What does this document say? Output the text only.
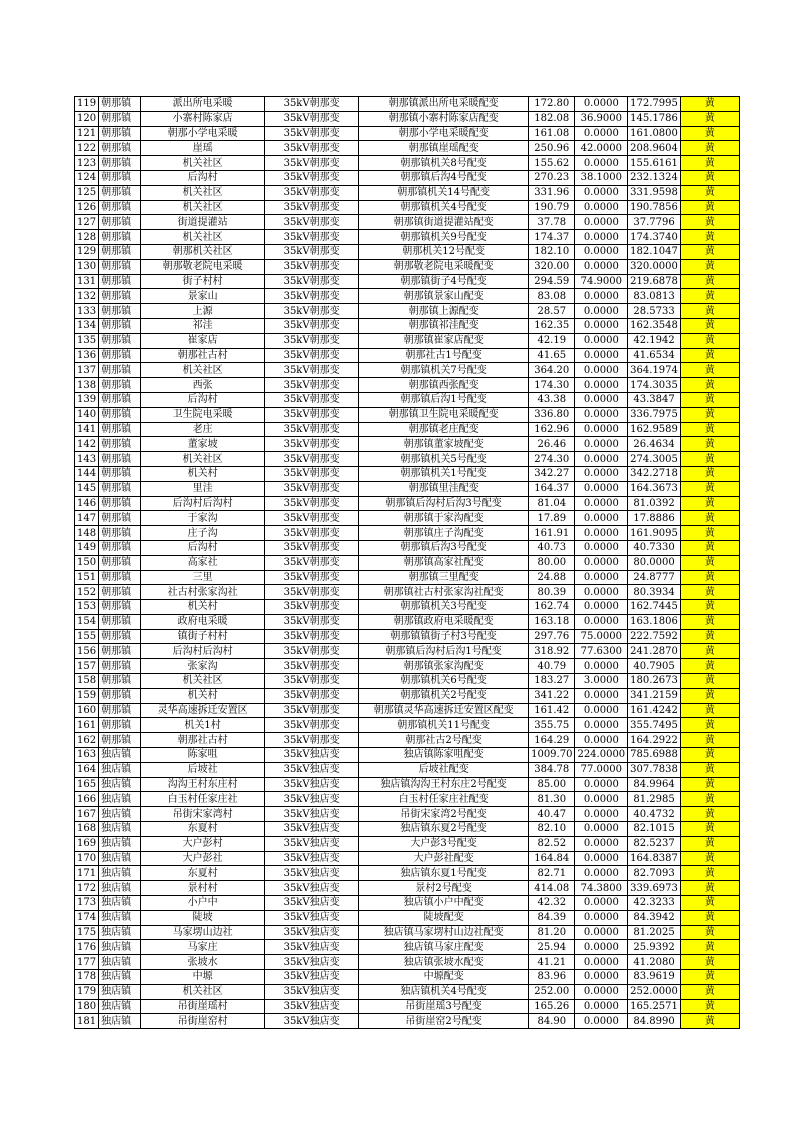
119	朝那镇	派出所电采暖	35kV朝那变	朝那镇派出所电采暖配变	172.80	0.0000	172.7995	黄
120	朝那镇	小寨村陈家店	35kV朝那变	朝那镇小寨村陈家店配变	182.08	36.9000	145.1786	黄
121	朝那镇	朝那小学电采暖	35kV朝那变	朝那小学电采暖配变	161.08	0.0000	161.0800	黄
122	朝那镇	崖瑶	35kV朝那变	朝那镇崖瑶配变	250.96	42.0000	208.9604	黄
123	朝那镇	机关社区	35kV朝那变	朝那镇机关8号配变	155.62	0.0000	155.6161	黄
124	朝那镇	后沟村	35kV朝那变	朝那镇后沟4号配变	270.23	38.1000	232.1324	黄
125	朝那镇	机关社区	35kV朝那变	朝那镇机关14号配变	331.96	0.0000	331.9598	黄
126	朝那镇	机关社区	35kV朝那变	朝那镇机关4号配变	190.79	0.0000	190.7856	黄
127	朝那镇	街道提灌站	35kV朝那变	朝那镇街道提灌站配变	37.78	0.0000	37.7796	黄
128	朝那镇	机关社区	35kV朝那变	朝那镇机关9号配变	174.37	0.0000	174.3740	黄
129	朝那镇	朝那机关社区	35kV朝那变	朝那机关12号配变	182.10	0.0000	182.1047	黄
130	朝那镇	朝那敬老院电采暖	35kV朝那变	朝那敬老院电采暖配变	320.00	0.0000	320.0000	黄
131	朝那镇	街子村村	35kV朝那变	朝那镇街子4号配变	294.59	74.9000	219.6878	黄
132	朝那镇	景家山	35kV朝那变	朝那镇景家山配变	83.08	0.0000	83.0813	黄
133	朝那镇	上源	35kV朝那变	朝那镇上源配变	28.57	0.0000	28.5733	黄
134	朝那镇	祁洼	35kV朝那变	朝那镇祁洼配变	162.35	0.0000	162.3548	黄
135	朝那镇	崔家店	35kV朝那变	朝那镇崔家店配变	42.19	0.0000	42.1942	黄
136	朝那镇	朝那社古村	35kV朝那变	朝那社古1号配变	41.65	0.0000	41.6534	黄
137	朝那镇	机关社区	35kV朝那变	朝那镇机关7号配变	364.20	0.0000	364.1974	黄
138	朝那镇	西张	35kV朝那变	朝那镇西张配变	174.30	0.0000	174.3035	黄
139	朝那镇	后沟村	35kV朝那变	朝那镇后沟1号配变	43.38	0.0000	43.3847	黄
140	朝那镇	卫生院电采暖	35kV朝那变	朝那镇卫生院电采暖配变	336.80	0.0000	336.7975	黄
141	朝那镇	老庄	35kV朝那变	朝那镇老庄配变	162.96	0.0000	162.9589	黄
142	朝那镇	董家坡	35kV朝那变	朝那镇董家坡配变	26.46	0.0000	26.4634	黄
143	朝那镇	机关社区	35kV朝那变	朝那镇机关5号配变	274.30	0.0000	274.3005	黄
144	朝那镇	机关村	35kV朝那变	朝那镇机关1号配变	342.27	0.0000	342.2718	黄
145	朝那镇	里洼	35kV朝那变	朝那镇里洼配变	164.37	0.0000	164.3673	黄
146	朝那镇	后沟村后沟村	35kV朝那变	朝那镇后沟村后沟3号配变	81.04	0.0000	81.0392	黄
147	朝那镇	于家沟	35kV朝那变	朝那镇于家沟配变	17.89	0.0000	17.8886	黄
148	朝那镇	庄子沟	35kV朝那变	朝那镇庄子沟配变	161.91	0.0000	161.9095	黄
149	朝那镇	后沟村	35kV朝那变	朝那镇后沟3号配变	40.73	0.0000	40.7330	黄
150	朝那镇	高家社	35kV朝那变	朝那镇高家社配变	80.00	0.0000	80.0000	黄
151	朝那镇	三里	35kV朝那变	朝那镇三里配变	24.88	0.0000	24.8777	黄
152	朝那镇	社古村张家沟社	35kV朝那变	朝那镇社古村张家沟社配变	80.39	0.0000	80.3934	黄
153	朝那镇	机关村	35kV朝那变	朝那镇机关3号配变	162.74	0.0000	162.7445	黄
154	朝那镇	政府电采暖	35kV朝那变	朝那镇政府电采暖配变	163.18	0.0000	163.1806	黄
155	朝那镇	镇街子村村	35kV朝那变	朝那镇镇街子村3号配变	297.76	75.0000	222.7592	黄
156	朝那镇	后沟村后沟村	35kV朝那变	朝那镇后沟村后沟1号配变	318.92	77.6300	241.2870	黄
157	朝那镇	张家沟	35kV朝那变	朝那镇张家沟配变	40.79	0.0000	40.7905	黄
158	朝那镇	机关社区	35kV朝那变	朝那镇机关6号配变	183.27	3.0000	180.2673	黄
159	朝那镇	机关村	35kV朝那变	朝那镇机关2号配变	341.22	0.0000	341.2159	黄
160	朝那镇	灵华高速拆迁安置区	35kV朝那变	朝那镇灵华高速拆迁安置区配变	161.42	0.0000	161.4242	黄
161	朝那镇	机关1村	35kV朝那变	朝那镇机关11号配变	355.75	0.0000	355.7495	黄
162	朝那镇	朝那社古村	35kV朝那变	朝那社古2号配变	164.29	0.0000	164.2922	黄
163	独店镇	陈家咀	35kV独店变	独店镇陈家咀配变	1009.70	224.0000	785.6988	黄
164	独店镇	后坡社	35kV独店变	后坡社配变	384.78	77.0000	307.7838	黄
165	独店镇	沟沟王村东庄村	35kV独店变	独店镇沟沟王村东庄2号配变	85.00	0.0000	84.9964	黄
166	独店镇	白玉村任家庄社	35kV独店变	白玉村任家庄社配变	81.30	0.0000	81.2985	黄
167	独店镇	吊街宋家湾村	35kV独店变	吊街宋家湾2号配变	40.47	0.0000	40.4732	黄
168	独店镇	东夏村	35kV独店变	独店镇东夏2号配变	82.10	0.0000	82.1015	黄
169	独店镇	大户彭村	35kV独店变	大户彭3号配变	82.52	0.0000	82.5237	黄
170	独店镇	大户彭社	35kV独店变	大户彭社配变	164.84	0.0000	164.8387	黄
171	独店镇	东夏村	35kV独店变	独店镇东夏1号配变	82.71	0.0000	82.7093	黄
172	独店镇	景村村	35kV独店变	景村2号配变	414.08	74.3800	339.6973	黄
173	独店镇	小户中	35kV独店变	独店镇小户中配变	42.32	0.0000	42.3233	黄
174	独店镇	陡坡	35kV独店变	陡坡配变	84.39	0.0000	84.3942	黄
175	独店镇	马家塄山边社	35kV独店变	独店镇马家塄村山边社配变	81.20	0.0000	81.2025	黄
176	独店镇	马家庄	35kV独店变	独店镇马家庄配变	25.94	0.0000	25.9392	黄
177	独店镇	张坡水	35kV独店变	独店镇张坡水配变	41.21	0.0000	41.2080	黄
178	独店镇	中塬	35kV独店变	中塬配变	83.96	0.0000	83.9619	黄
179	独店镇	机关社区	35kV独店变	独店镇机关4号配变	252.00	0.0000	252.0000	黄
180	独店镇	吊街崖瑶村	35kV独店变	吊街崖瑶3号配变	165.26	0.0000	165.2571	黄
181	独店镇	吊街崖窑村	35kV独店变	吊街崖窑2号配变	84.90	0.0000	84.8990	黄
